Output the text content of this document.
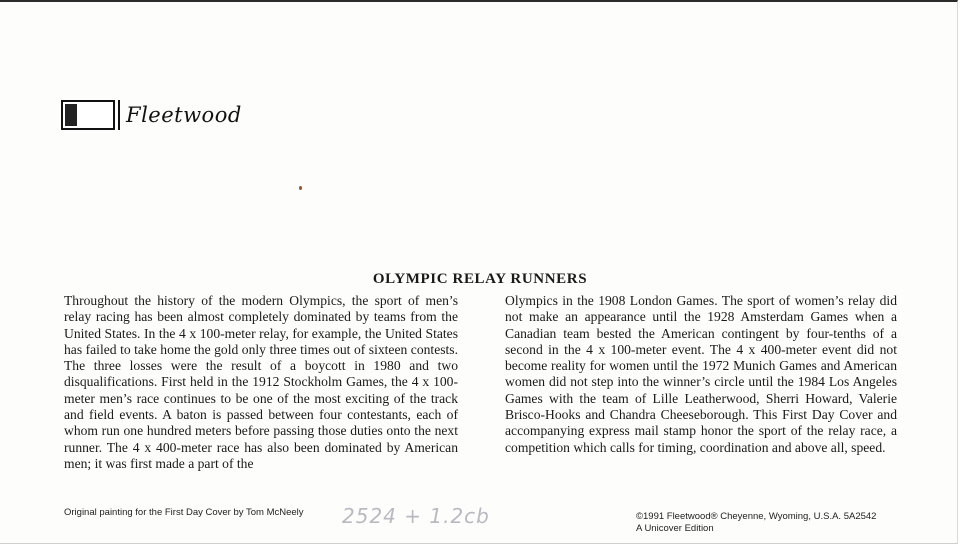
Fleetwood
OLYMPIC RELAY RUNNERS

Throughout the history of the modern Olympics, the sport of men’s relay racing has been almost completely dominated by teams from the United States. In the 4 x 100-meter relay, for example, the United States has failed to take home the gold only three times out of sixteen contests. The three losses were the result of a boycott in 1980 and two disqualifications. First held in the 1912 Stockholm Games, the 4 x 100-meter men’s race continues to be one of the most exciting of the track and field events. A baton is passed between four contestants, each of whom run one hundred meters before passing those duties onto the next runner. The 4 x 400-meter race has also been dominated by American men; it was first made a part of the

Olympics in the 1908 London Games. The sport of women’s relay did not make an appearance until the 1928 Amsterdam Games when a Canadian team bested the American contingent by four-tenths of a second in the 4 x 100-meter event. The 4 x 400-meter event did not become reality for women until the 1972 Munich Games and American women did not step into the winner’s circle until the 1984 Los Angeles Games with the team of Lille Leatherwood, Sherri Howard, Valerie Brisco-Hooks and Chandra Cheeseborough. This First Day Cover and accompanying express mail stamp honor the sport of the relay race, a competition which calls for timing, coordination and above all, speed.

Original painting for the First Day Cover by Tom McNeely 2524 + 1.2cb	©1991 Fleetwood® Cheyenne, Wyoming, U.S.A. 5A2542
A Unicover Edition
